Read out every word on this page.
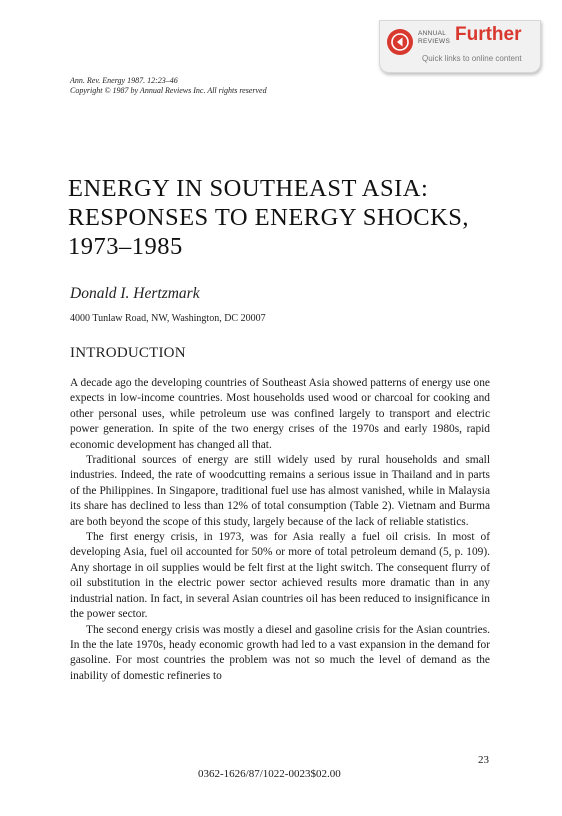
ANNUAL
REVIEWS Further
Quick links to online content
Ann. Rev. Energy 1987. 12:23–46
Copyright © 1987 by Annual Reviews Inc. All rights reserved
ENERGY IN SOUTHEAST ASIA:
RESPONSES TO ENERGY SHOCKS,
1973–1985
Donald I. Hertzmark
4000 Tunlaw Road, NW, Washington, DC 20007
INTRODUCTION

A decade ago the developing countries of Southeast Asia showed patterns of energy use one expects in low-income countries. Most households used wood or charcoal for cooking and other personal uses, while petroleum use was confined largely to transport and electric power generation. In spite of the two energy crises of the 1970s and early 1980s, rapid economic development has changed all that.

Traditional sources of energy are still widely used by rural households and small industries. Indeed, the rate of woodcutting remains a serious issue in Thailand and in parts of the Philippines. In Singapore, traditional fuel use has almost vanished, while in Malaysia its share has declined to less than 12% of total consumption (Table 2). Vietnam and Burma are both beyond the scope of this study, largely because of the lack of reliable statistics.

The first energy crisis, in 1973, was for Asia really a fuel oil crisis. In most of developing Asia, fuel oil accounted for 50% or more of total petroleum demand (5, p. 109). Any shortage in oil supplies would be felt first at the light switch. The consequent flurry of oil substitution in the electric power sector achieved results more dramatic than in any industrial nation. In fact, in several Asian countries oil has been reduced to insignificance in the power sector.

The second energy crisis was mostly a diesel and gasoline crisis for the Asian countries. In the the late 1970s, heady economic growth had led to a vast expansion in the demand for gasoline. For most countries the problem was not so much the level of demand as the inability of domestic refineries to

23
0362-1626/87/1022-0023$02.00
